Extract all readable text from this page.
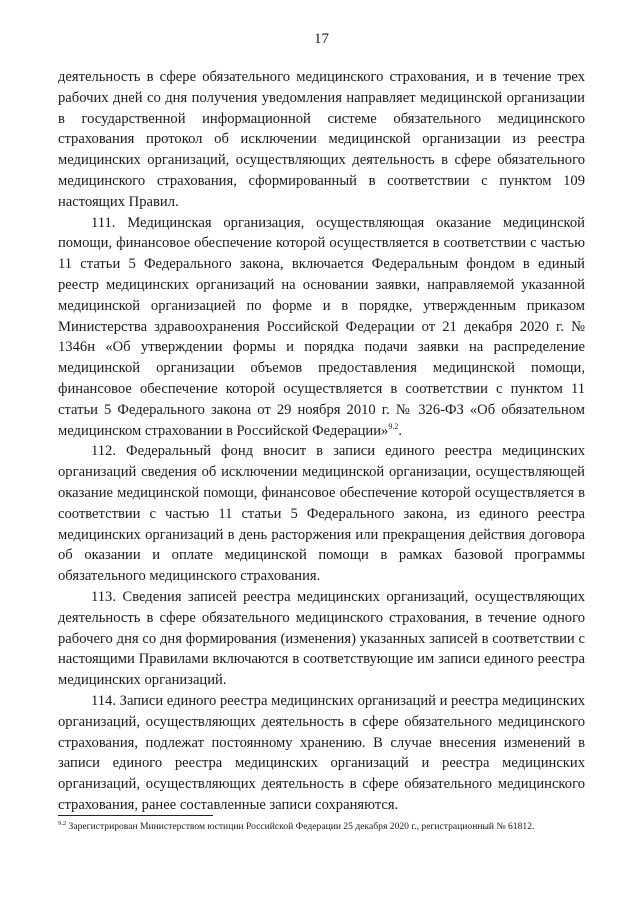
17

деятельность в сфере обязательного медицинского страхования, и в течение трех рабочих дней со дня получения уведомления направляет медицинской организации в государственной информационной системе обязательного медицинского страхования протокол об исключении медицинской организации из реестра медицинских организаций, осуществляющих деятельность в сфере обязательного медицинского страхования, сформированный в соответствии с пунктом 109 настоящих Правил.

111. Медицинская организация, осуществляющая оказание медицинской помощи, финансовое обеспечение которой осуществляется в соответствии с частью 11 статьи 5 Федерального закона, включается Федеральным фондом в единый реестр медицинских организаций на основании заявки, направляемой указанной медицинской организацией по форме и в порядке, утвержденным приказом Министерства здравоохранения Российской Федерации от 21 декабря 2020 г. № 1346н «Об утверждении формы и порядка подачи заявки на распределение медицинской организации объемов предоставления медицинской помощи, финансовое обеспечение которой осуществляется в соответствии с пунктом 11 статьи 5 Федерального закона от 29 ноября 2010 г. № 326-ФЗ «Об обязательном медицинском страховании в Российской Федерации»$^{9.2}$.

112. Федеральный фонд вносит в записи единого реестра медицинских организаций сведения об исключении медицинской организации, осуществляющей оказание медицинской помощи, финансовое обеспечение которой осуществляется в соответствии с частью 11 статьи 5 Федерального закона, из единого реестра медицинских организаций в день расторжения или прекращения действия договора об оказании и оплате медицинской помощи в рамках базовой программы обязательного медицинского страхования.

113. Сведения записей реестра медицинских организаций, осуществляющих деятельность в сфере обязательного медицинского страхования, в течение одного рабочего дня со дня формирования (изменения) указанных записей в соответствии с настоящими Правилами включаются в соответствующие им записи единого реестра медицинских организаций.

114. Записи единого реестра медицинских организаций и реестра медицинских организаций, осуществляющих деятельность в сфере обязательного медицинского страхования, подлежат постоянному хранению. В случае внесения изменений в записи единого реестра медицинских организаций и реестра медицинских организаций, осуществляющих деятельность в сфере обязательного медицинского страхования, ранее составленные записи сохраняются.

$^{9.2}$ Зарегистрирован Министерством юстиции Российской Федерации 25 декабря 2020 г., регистрационный № 61812.
